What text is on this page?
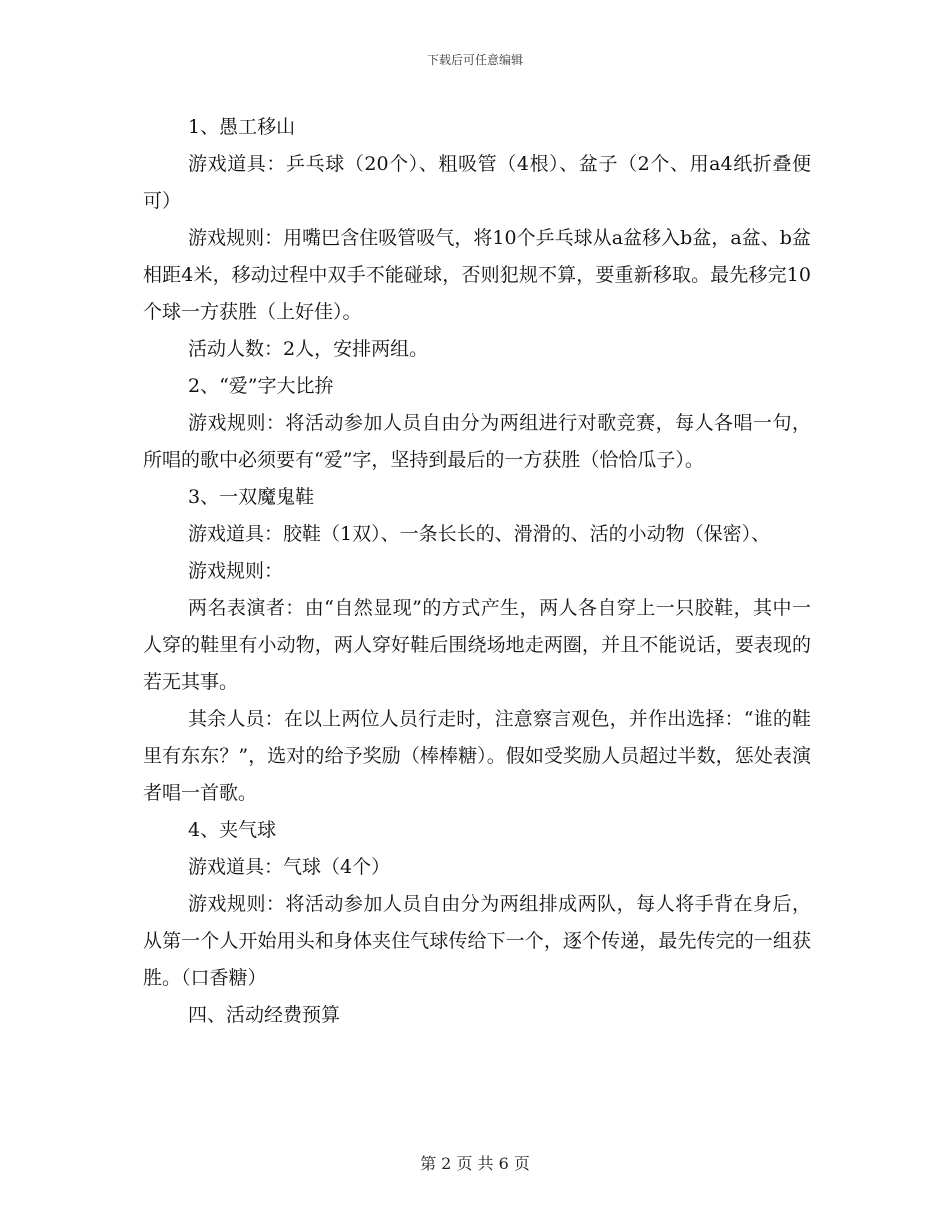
下载后可任意编辑

1、愚工移山

游戏道具：乒乓球（20个）、粗吸管（4根）、盆子（2个、用a4纸折叠便可）

游戏规则：用嘴巴含住吸管吸气，将10个乒乓球从a盆移入b盆，a盆、b盆相距4米，移动过程中双手不能碰球，否则犯规不算，要重新移取。最先移完10个球一方获胜（上好佳）。

活动人数：2人，安排两组。

2、“爱”字大比拚

游戏规则：将活动参加人员自由分为两组进行对歌竞赛，每人各唱一句，所唱的歌中必须要有“爱”字，坚持到最后的一方获胜（恰恰瓜子）。

3、一双魔鬼鞋

游戏道具：胶鞋（1双）、一条长长的、滑滑的、活的小动物（保密）、

游戏规则：

两名表演者：由“自然显现”的方式产生，两人各自穿上一只胶鞋，其中一人穿的鞋里有小动物，两人穿好鞋后围绕场地走两圈，并且不能说话，要表现的若无其事。

其余人员：在以上两位人员行走时，注意察言观色，并作出选择：“谁的鞋里有东东？”，选对的给予奖励（棒棒糖）。假如受奖励人员超过半数，惩处表演者唱一首歌。

4、夹气球

游戏道具：气球（4个）

游戏规则：将活动参加人员自由分为两组排成两队，每人将手背在身后，从第一个人开始用头和身体夹住气球传给下一个，逐个传递，最先传完的一组获胜。（口香糖）

四、活动经费预算

第 2 页 共 6 页
